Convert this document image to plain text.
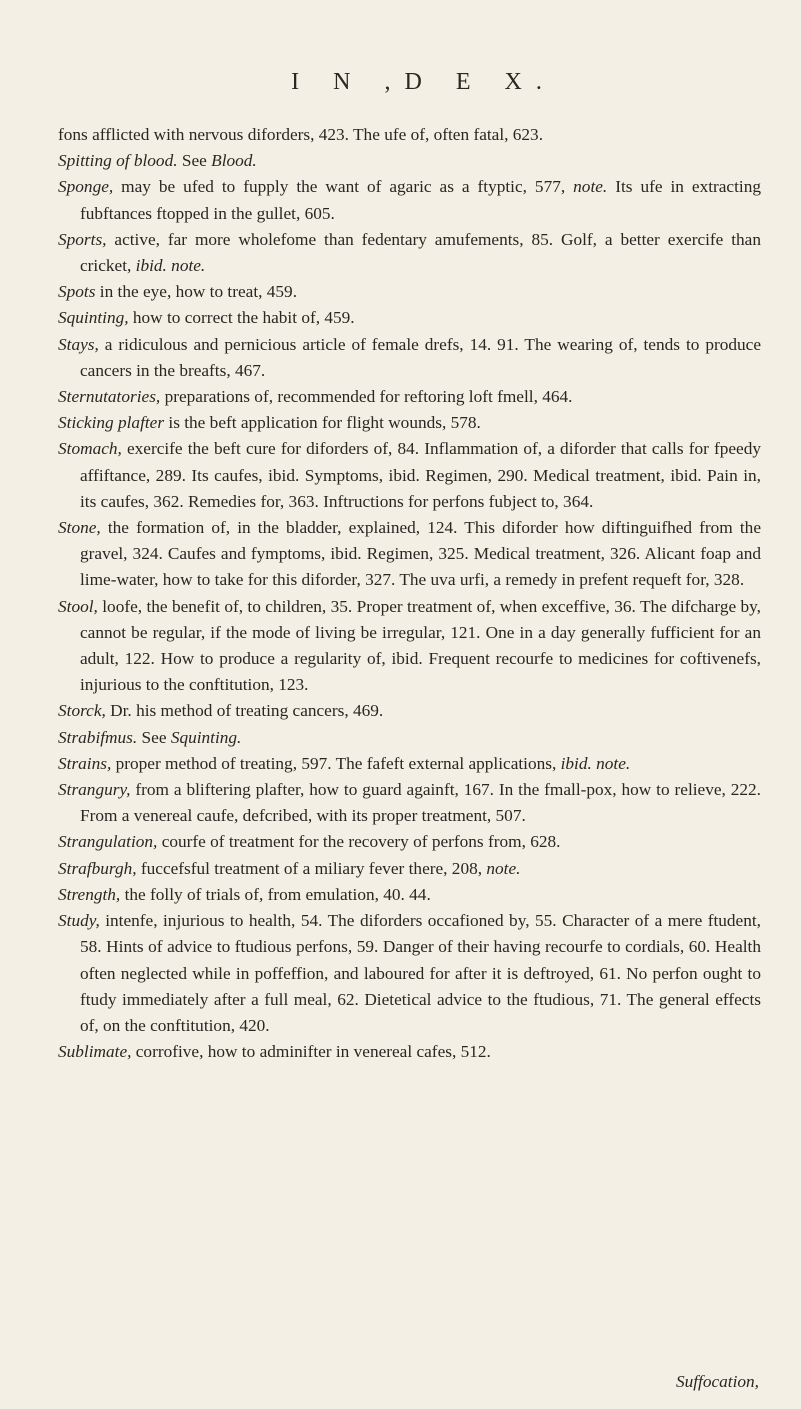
I N ,D E X.

fons afflicted with nervous diforders, 423. The ufe of, often fatal, 623.

Spitting of blood. See Blood.

Sponge, may be ufed to fupply the want of agaric as a ftyptic, 577, note. Its ufe in extracting fubftances ftopped in the gullet, 605.

Sports, active, far more wholefome than fedentary amufements, 85. Golf, a better exercife than cricket, ibid. note.

Spots in the eye, how to treat, 459.

Squinting, how to correct the habit of, 459.

Stays, a ridiculous and pernicious article of female drefs, 14. 91. The wearing of, tends to produce cancers in the breafts, 467.

Sternutatories, preparations of, recommended for reftoring loft fmell, 464.

Sticking plafter is the beft application for flight wounds, 578.

Stomach, exercife the beft cure for diforders of, 84. Inflammation of, a diforder that calls for fpeedy affiftance, 289. Its caufes, ibid. Symptoms, ibid. Regimen, 290. Medical treatment, ibid. Pain in, its caufes, 362. Remedies for, 363. Inftructions for perfons fubject to, 364.

Stone, the formation of, in the bladder, explained, 124. This diforder how diftinguifhed from the gravel, 324. Caufes and fymptoms, ibid. Regimen, 325. Medical treatment, 326. Alicant foap and lime-water, how to take for this diforder, 327. The uva urfi, a remedy in prefent requeft for, 328.

Stool, loofe, the benefit of, to children, 35. Proper treatment of, when exceffive, 36. The difcharge by, cannot be regular, if the mode of living be irregular, 121. One in a day generally fufficient for an adult, 122. How to produce a regularity of, ibid. Frequent recourfe to medicines for coftivenefs, injurious to the conftitution, 123.

Storck, Dr. his method of treating cancers, 469.

Strabifmus. See Squinting.

Strains, proper method of treating, 597. The fafeft external applications, ibid. note.

Strangury, from a bliftering plafter, how to guard againft, 167. In the fmall-pox, how to relieve, 222. From a venereal caufe, defcribed, with its proper treatment, 507.

Strangulation, courfe of treatment for the recovery of perfons from, 628.

Strafburgh, fuccefsful treatment of a miliary fever there, 208, note.

Strength, the folly of trials of, from emulation, 40. 44.

Study, intenfe, injurious to health, 54. The diforders occafioned by, 55. Character of a mere ftudent, 58. Hints of advice to ftudious perfons, 59. Danger of their having recourfe to cordials, 60. Health often neglected while in poffeffion, and laboured for after it is deftroyed, 61. No perfon ought to ftudy immediately after a full meal, 62. Dietetical advice to the ftudious, 71. The general effects of, on the conftitution, 420.

Sublimate, corrofive, how to adminifter in venereal cafes, 512.

Suffocation,
